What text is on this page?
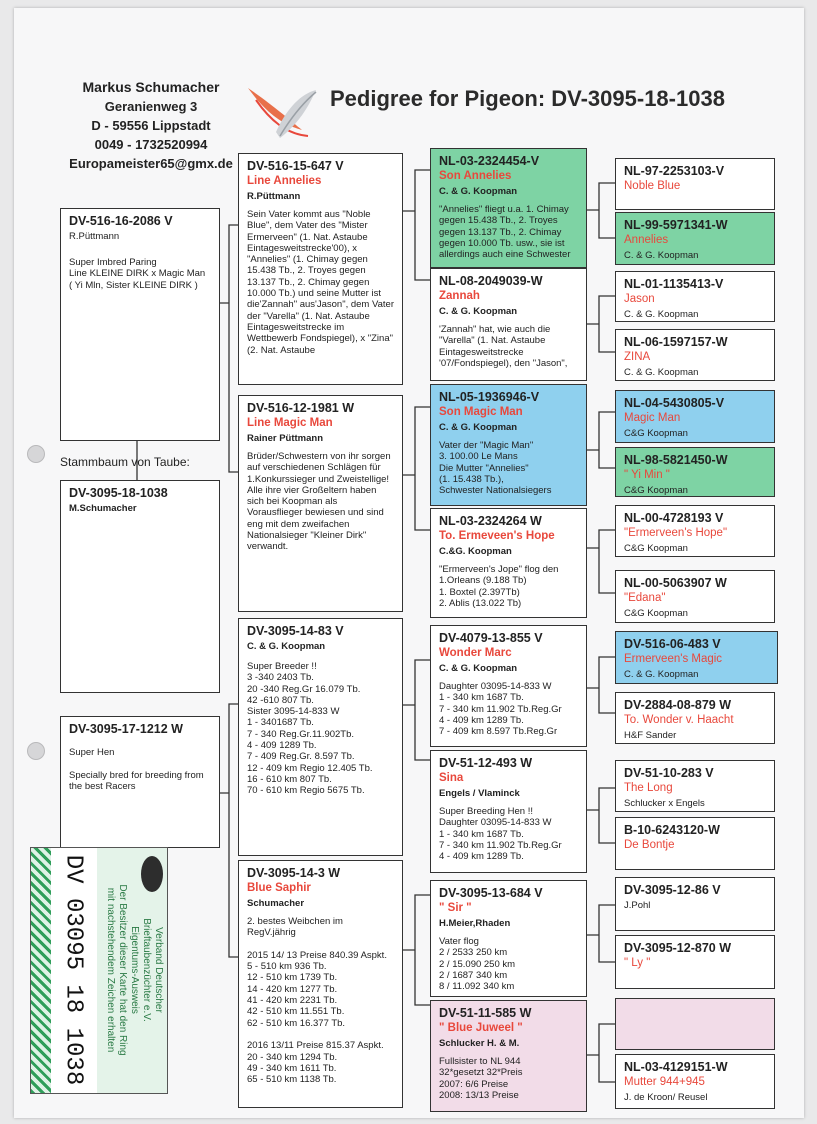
Markus Schumacher
Geranienweg 3
D - 59556 Lippstadt
0049 - 1732520994
Europameister65@gmx.de
Pedigree for Pigeon: DV-3095-18-1038
DV-516-16-2086 V
R.Püttmann
Super Imbred Paring
Line KLEINE DIRK x Magic Man
( Yi Mln, Sister KLEINE DIRK )
Stammbaum von Taube:
DV-3095-18-1038
M.Schumacher
DV-3095-17-1212 W
Super Hen

Specially bred for breeding from the best Racers
DV-516-15-647 V
Line Annelies
R.Püttmann
Sein Vater kommt aus "Noble Blue", dem Vater des "Mister Ermerveen" (1. Nat. Astaube Eintagesweitstrecke'00), x "Annelies" (1. Chimay gegen 15.438 Tb., 2. Troyes gegen 13.137 Tb., 2. Chimay gegen 10.000 Tb.) und seine Mutter ist die'Zannah" aus'Jason", dem Vater der "Varella" (1. Nat. Astaube Eintagesweitstrecke im Wettbewerb Fondspiegel), x "Zina" (2. Nat. Astaube
DV-516-12-1981 W
Line Magic Man
Rainer Püttmann
Brüder/Schwestern von ihr sorgen auf verschiedenen Schlägen für
1.Konkurssieger und Zweistellige! Alle ihre vier Großeltern haben sich bei Koopman als Vorausflieger bewiesen und sind eng mit dem zweifachen Nationalsieger "Kleiner Dirk" verwandt.
DV-3095-14-83 V
C. & G. Koopman
Super Breeder !!
3 -340 2403 Tb.
20 -340 Reg.Gr 16.079 Tb.
42 -610 807 Tb.
Sister 3095-14-833 W
1 - 3401687 Tb.
7 - 340 Reg.Gr.11.902Tb.
4 - 409 1289 Tb.
7 - 409 Reg.Gr. 8.597 Tb.
12 - 409 km Regio 12.405 Tb.
16 - 610 km 807 Tb.
70 - 610 km Regio 5675 Tb.
DV-3095-14-3 W
Blue Saphir
Schumacher
2. bestes Weibchen im RegV.jährig

2015 14/ 13 Preise 840.39 Aspkt.
5 - 510 km 936 Tb.
12 - 510 km 1739 Tb.
14 - 420 km 1277 Tb.
41 - 420 km 2231 Tb.
42 - 510 km 11.551 Tb.
62 - 510 km 16.377 Tb.

2016 13/11 Preise 815.37 Aspkt.
20 - 340 km 1294 Tb.
49 - 340 km 1611 Tb.
65 - 510 km 1138 Tb.
NL-03-2324454-V
Son Annelies
C. & G. Koopman
"Annelies" fliegt u.a. 1. Chimay gegen 15.438 Tb., 2. Troyes gegen 13.137 Tb., 2. Chimay gegen 10.000 Tb. usw., sie ist allerdings auch eine Schwester
NL-08-2049039-W
Zannah
C. & G. Koopman
'Zannah" hat, wie auch die "Varella" (1. Nat. Astaube Eintagesweitstrecke '07/Fondspiegel), den "Jason",
NL-05-1936946-V
Son Magic Man
C. & G. Koopman
Vater der "Magic Man"
3. 100.00 Le Mans
Die Mutter "Annelies"
(1. 15.438 Tb.),
Schwester Nationalsiegers
NL-03-2324264 W
To. Ermeveen's Hope
C.&G. Koopman
"Ermerveen's Jope" flog den 1.Orleans (9.188 Tb)
1. Boxtel (2.397Tb)
2. Ablis (13.022 Tb)
DV-4079-13-855 V
Wonder Marc
C. & G. Koopman
Daughter 03095-14-833 W
1 - 340 km 1687 Tb.
7 - 340 km 11.902 Tb.Reg.Gr
4 - 409 km 1289 Tb.
7 - 409 km 8.597 Tb.Reg.Gr
DV-51-12-493 W
Sina
Engels / Vlaminck
Super Breeding Hen !!
Daughter 03095-14-833 W
1 - 340 km 1687 Tb.
7 - 340 km 11.902 Tb.Reg.Gr
4 - 409 km 1289 Tb.
DV-3095-13-684 V
" Sir "
H.Meier,Rhaden
Vater flog
2 / 2533 250 km
2 / 15.090 250 km
2 / 1687 340 km
8 / 11.092 340 km
DV-51-11-585 W
" Blue Juweel "
Schlucker H. & M.
Fullsister to NL 944
32*gesetzt 32*Preis
2007: 6/6 Preise
2008: 13/13 Preise
NL-97-2253103-V
Noble Blue
NL-99-5971341-W
Annelies
C. & G. Koopman
NL-01-1135413-V
Jason
C. & G. Koopman
NL-06-1597157-W
ZINA
C. & G. Koopman
NL-04-5430805-V
Magic Man
C&G Koopman
NL-98-5821450-W
" Yi Min "
C&G Koopman
NL-00-4728193 V
"Ermerveen's Hope"
C&G Koopman
NL-00-5063907 W
"Edana"
C&G Koopman
DV-516-06-483 V
Ermerveen's Magic
C. & G. Koopman
DV-2884-08-879 W
To. Wonder v. Haacht
H&F Sander
DV-51-10-283 V
The Long
Schlucker x Engels
B-10-6243120-W
De Bontje
DV-3095-12-86 V
J.Pohl
DV-3095-12-870 W
" Ly "
NL-03-4129151-W
Mutter 944+945
J. de Kroon/ Reusel
DV 03095 18 1038	Verband Deutscher
Brieftaubenzüchter e.V.
Eigentums-Ausweis
Der Besitzer dieser Karte hat den Ring
mit nachstehendem Zeichen erhalten
